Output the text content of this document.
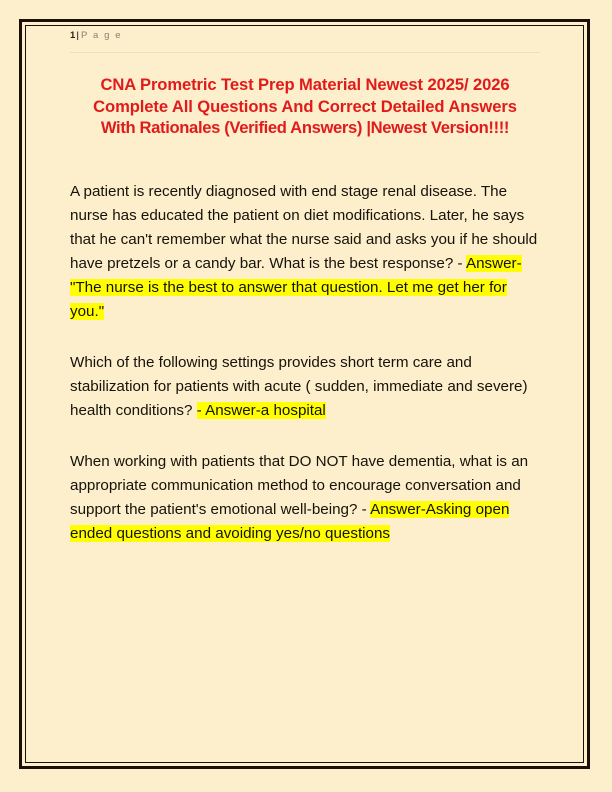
1| P a g e
CNA Prometric Test Prep Material Newest 2025/ 2026
Complete All Questions And Correct Detailed Answers
With Rationales (Verified Answers) |Newest Version!!!!

A patient is recently diagnosed with end stage renal disease. The nurse has educated the patient on diet modifications. Later, he says that he can't remember what the nurse said and asks you if he should have pretzels or a candy bar. What is the best response? - Answer-"The nurse is the best to answer that question. Let me get her for you."

Which of the following settings provides short term care and stabilization for patients with acute ( sudden, immediate and severe) health conditions? - Answer-a hospital

When working with patients that DO NOT have dementia, what is an appropriate communication method to encourage conversation and support the patient's emotional well-being? - Answer-Asking open ended questions and avoiding yes/no questions
